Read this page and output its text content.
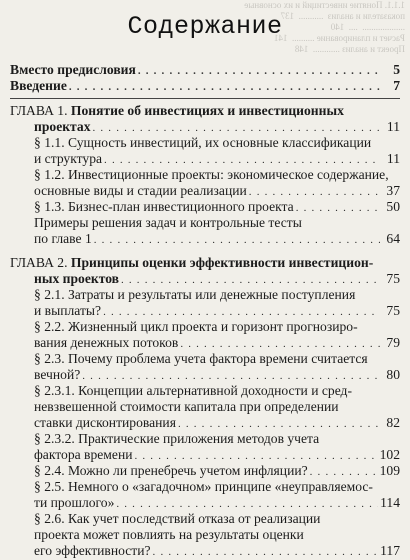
1.1.1. Понятие инвестиций и их основные
показатели и анализ  ...........  137
...................  ....  140
Расчет и планирование ..........  141
Проект и анализ ............  148
Содержание
Вместо предисловия . . .	5
Введение . . .	7
ГЛАВА 1. Понятие об инвестициях и инвестиционных
проектах . . .	11
§ 1.1. Сущность инвестиций, их основные классификации
и структура . . .	11
§ 1.2. Инвестиционные проекты: экономическое содержание,
основные виды и стадии реализации . . .	37
§ 1.3. Бизнес-план инвестиционного проекта . . .	50
Примеры решения задач и контрольные тесты
по главе 1 . . .	64
ГЛАВА 2. Принципы оценки эффективности инвестицион-
ных проектов . . .	75
§ 2.1. Затраты и результаты или денежные поступления
и выплаты? . . .	75
§ 2.2. Жизненный цикл проекта и горизонт прогнозиро-
вания денежных потоков . . .	79
§ 2.3. Почему проблема учета фактора времени считается
вечной? . . .	80
§ 2.3.1. Концепции альтернативной доходности и сред-
невзвешенной стоимости капитала при определении
ставки дисконтирования . . .	82
§ 2.3.2. Практические приложения методов учета
фактора времени . . .	102
§ 2.4. Можно ли пренебречь учетом инфляции? . . .	109
§ 2.5. Немного о «загадочном» принципе «неуправляемос-
ти прошлого» . . .	114
§ 2.6. Как учет последствий отказа от реализации
проекта может повлиять на результаты оценки
его эффективности? . . .	117
